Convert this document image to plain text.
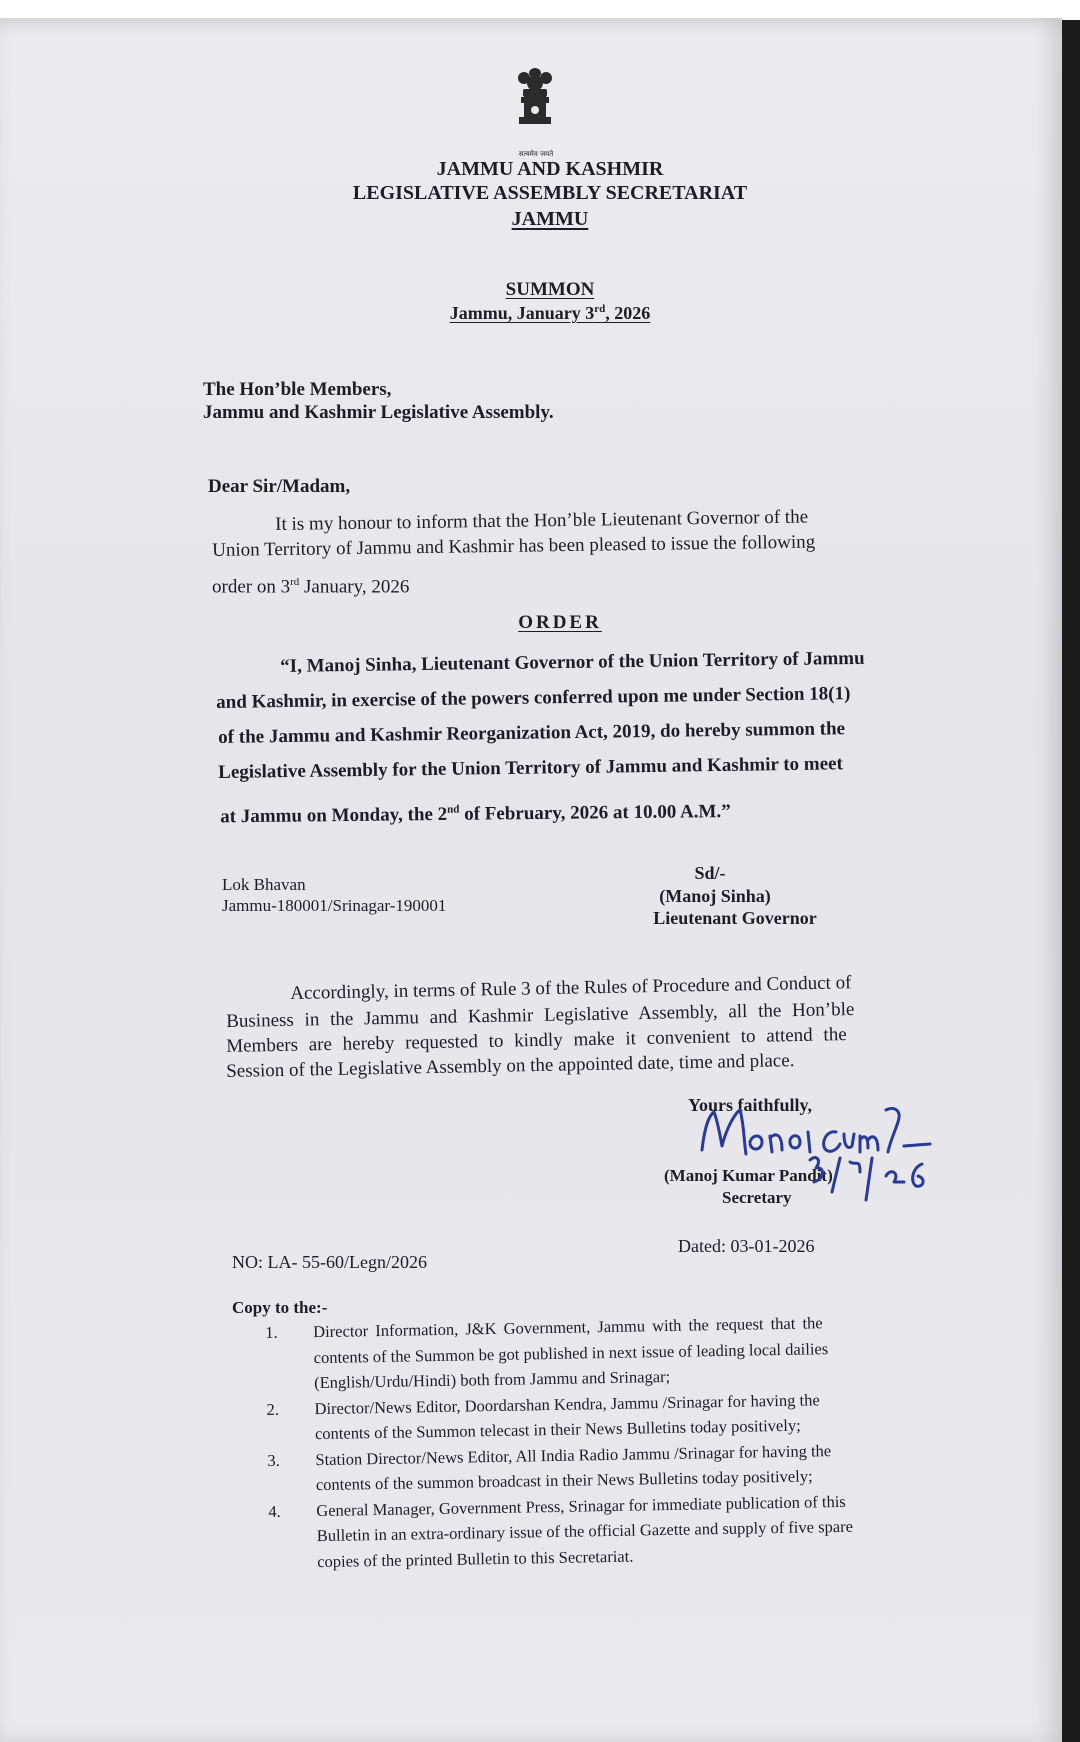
सत्यमेव जयते
JAMMU AND KASHMIR
LEGISLATIVE ASSEMBLY SECRETARIAT
JAMMU
SUMMON
Jammu, January 3rd, 2026
The Hon’ble Members,
Jammu and Kashmir Legislative Assembly.
Dear Sir/Madam,
It is my honour to inform that the Hon’ble Lieutenant Governor of the
Union Territory of Jammu and Kashmir has been pleased to issue the following
order on 3rd January, 2026
ORDER
“I, Manoj Sinha, Lieutenant Governor of the Union Territory of Jammu
and Kashmir, in exercise of the powers conferred upon me under Section 18(1)
of the Jammu and Kashmir Reorganization Act, 2019, do hereby summon the
Legislative Assembly for the Union Territory of Jammu and Kashmir to meet
at Jammu on Monday, the 2nd of February, 2026 at 10.00 A.M.”
Lok Bhavan
Jammu-180001/Srinagar-190001
Sd/-
(Manoj Sinha)
Lieutenant Governor
Accordingly, in terms of Rule 3 of the Rules of Procedure and Conduct of
Business in the Jammu and Kashmir Legislative Assembly, all the Hon’ble
Members are hereby requested to kindly make it convenient to attend the
Session of the Legislative Assembly on the appointed date, time and place.
Yours faithfully,
(Manoj Kumar Pandit)
Secretary
Dated: 03-01-2026
NO: LA- 55-60/Legn/2026
Copy to the:-
1. Director Information, J&K Government, Jammu with the request that the
contents of the Summon be got published in next issue of leading local dailies
(English/Urdu/Hindi) both from Jammu and Srinagar;
2. Director/News Editor, Doordarshan Kendra, Jammu /Srinagar for having the
contents of the Summon telecast in their News Bulletins today positively;
3. Station Director/News Editor, All India Radio Jammu /Srinagar for having the
contents of the summon broadcast in their News Bulletins today positively;
4. General Manager, Government Press, Srinagar for immediate publication of this
Bulletin in an extra-ordinary issue of the official Gazette and supply of five spare
copies of the printed Bulletin to this Secretariat.
